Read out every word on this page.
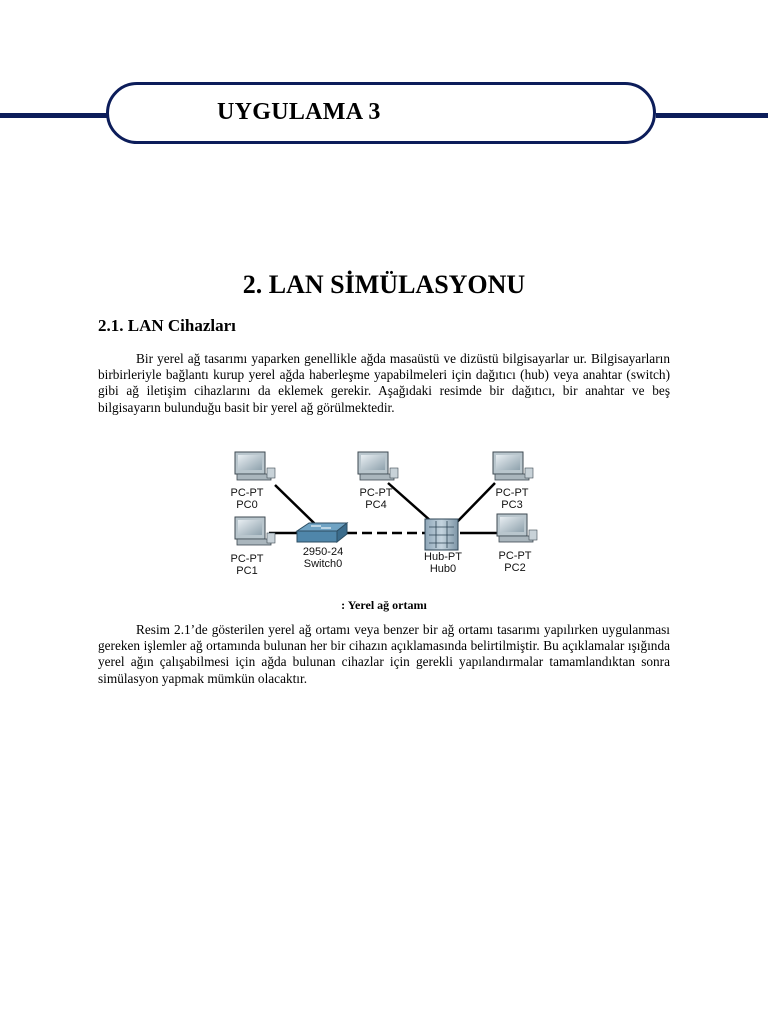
UYGULAMA 3
2. LAN SİMÜLASYONU
2.1. LAN Cihazları

Bir yerel ağ tasarımı yaparken genellikle ağda masaüstü ve dizüstü bilgisayarlar ur. Bilgisayarların birbirleriyle bağlantı kurup yerel ağda haberleşme yapabilmeleri için dağıtıcı (hub) veya anahtar (switch) gibi ağ iletişim cihazlarını da eklemek gerekir. Aşağıdaki resimde bir dağıtıcı, bir anahtar ve beş bilgisayarın bulunduğu basit bir yerel ağ görülmektedir.

PC-PT
PC0
PC-PT
PC1
PC-PT
PC4
PC-PT
PC3
PC-PT
PC2
2950-24
Switch0
Hub-PT
Hub0
: Yerel ağ ortamı

Resim 2.1’de gösterilen yerel ağ ortamı veya benzer bir ağ ortamı tasarımı yapılırken uygulanması gereken işlemler ağ ortamında bulunan her bir cihazın açıklamasında belirtilmiştir. Bu açıklamalar ışığında yerel ağın çalışabilmesi için ağda bulunan cihazlar için gerekli yapılandırmalar tamamlandıktan sonra simülasyon yapmak mümkün olacaktır.
